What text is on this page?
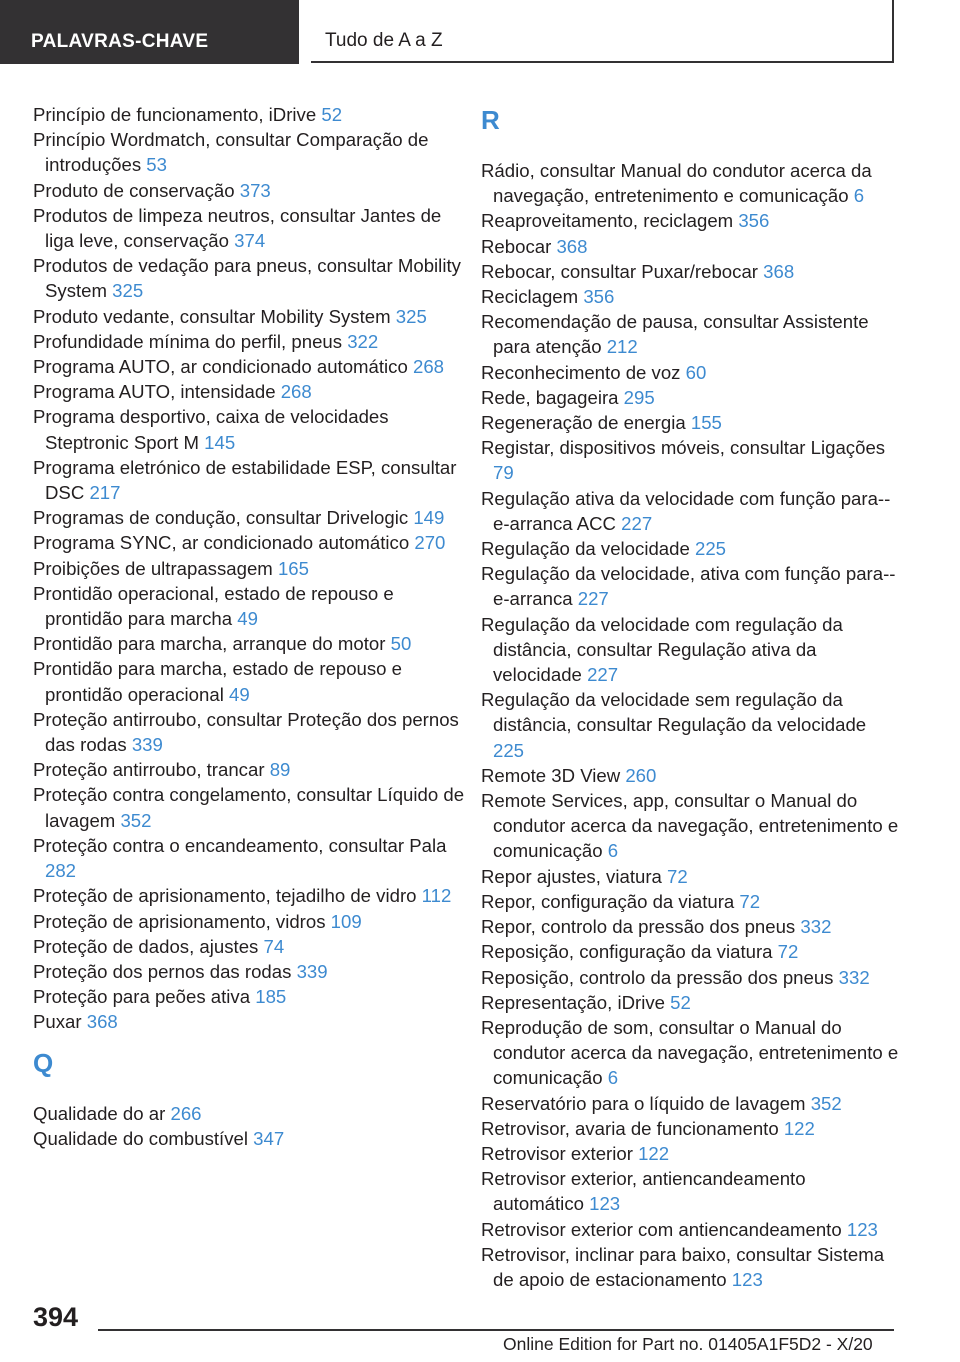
PALAVRAS-CHAVE	Tudo de A a Z
Princípio de funcionamento, iDrive 52
Princípio Wordmatch, consultar Comparação de introduções 53
Produto de conservação 373
Produtos de limpeza neutros, consultar Jantes de liga leve, conservação 374
Produtos de vedação para pneus, consultar Mobility System 325
Produto vedante, consultar Mobility System 325
Profundidade mínima do perfil, pneus 322
Programa AUTO, ar condicionado automático 268
Programa AUTO, intensidade 268
Programa desportivo, caixa de velocidades Steptronic Sport M 145
Programa eletrónico de estabilidade ESP, consultar DSC 217
Programas de condução, consultar Drivelogic 149
Programa SYNC, ar condicionado automático 270
Proibições de ultrapassagem 165
Prontidão operacional, estado de repouso e prontidão para marcha 49
Prontidão para marcha, arranque do motor 50
Prontidão para marcha, estado de repouso e prontidão operacional 49
Proteção antirroubo, consultar Proteção dos pernos das rodas 339
Proteção antirroubo, trancar 89
Proteção contra congelamento, consultar Líquido de lavagem 352
Proteção contra o encandeamento, consultar Pala 282
Proteção de aprisionamento, tejadilho de vidro 112
Proteção de aprisionamento, vidros 109
Proteção de dados, ajustes 74
Proteção dos pernos das rodas 339
Proteção para peões ativa 185
Puxar 368
Q
Qualidade do ar 266
Qualidade do combustível 347
R
Rádio, consultar Manual do condutor acerca da navegação, entretenimento e comunicação 6
Reaproveitamento, reciclagem 356
Rebocar 368
Rebocar, consultar Puxar/rebocar 368
Reciclagem 356
Recomendação de pausa, consultar Assistente para atenção 212
Reconhecimento de voz 60
Rede, bagageira 295
Regeneração de energia 155
Registar, dispositivos móveis, consultar Ligações 79
Regulação ativa da velocidade com função para--e-arranca ACC 227
Regulação da velocidade 225
Regulação da velocidade, ativa com função para--e-arranca 227
Regulação da velocidade com regulação da distância, consultar Regulação ativa da velocidade 227
Regulação da velocidade sem regulação da distância, consultar Regulação da velocidade 225
Remote 3D View 260
Remote Services, app, consultar o Manual do condutor acerca da navegação, entretenimento e comunicação 6
Repor ajustes, viatura 72
Repor, configuração da viatura 72
Repor, controlo da pressão dos pneus 332
Reposição, configuração da viatura 72
Reposição, controlo da pressão dos pneus 332
Representação, iDrive 52
Reprodução de som, consultar o Manual do condutor acerca da navegação, entretenimento e comunicação 6
Reservatório para o líquido de lavagem 352
Retrovisor, avaria de funcionamento 122
Retrovisor exterior 122
Retrovisor exterior, antiencandeamento automático 123
Retrovisor exterior com antiencandeamento 123
Retrovisor, inclinar para baixo, consultar Sistema de apoio de estacionamento 123
394
Online Edition for Part no. 01405A1F5D2 - X/20
